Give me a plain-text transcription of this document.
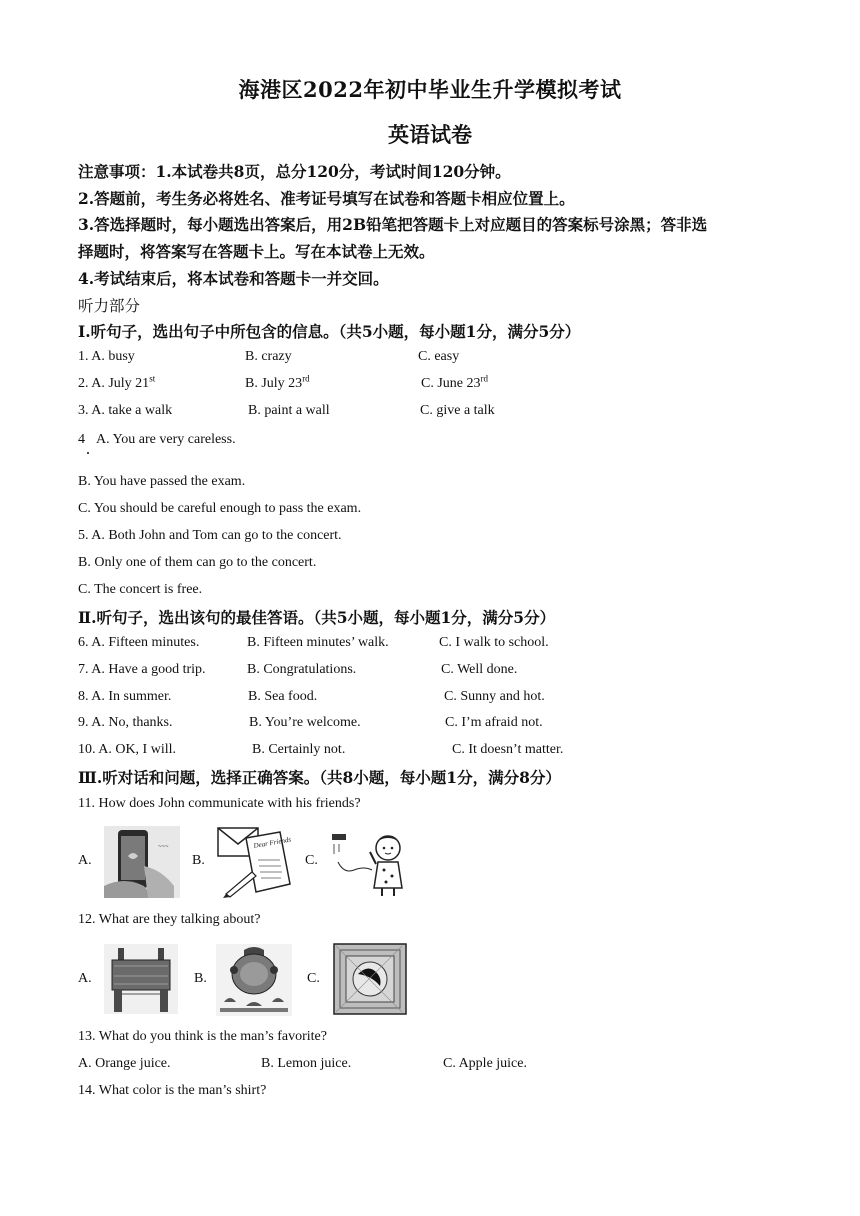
海港区2022年初中毕业生升学模拟考试
英语试卷
注意事项：1.本试卷共8页，总分120分，考试时间120分钟。
2.答题前，考生务必将姓名、准考证号填写在试卷和答题卡相应位置上。
3.答选择题时，每小题选出答案后，用2B铅笔把答题卡上对应题目的答案标号涂黑；答非选
择题时，将答案写在答题卡上。写在本试卷上无效。
4.考试结束后，将本试卷和答题卡一并交回。
听力部分
Ⅰ.听句子，选出句子中所包含的信息。（共5小题，每小题1分，满分5分）
1. A. busy	B. crazy	C. easy
2. A. July 21st	B. July 23rd	C. June 23rd
3. A. take a walk	B. paint a wall	C. give a talk
4 A. You are very careless.
B. You have passed the exam.
C. You should be careful enough to pass the exam.
5. A. Both John and Tom can go to the concert.
B. Only one of them can go to the concert.
C. The concert is free.
Ⅱ.听句子，选出该句的最佳答语。（共5小题，每小题1分，满分5分）
6. A. Fifteen minutes.	B. Fifteen minutes’ walk.	C. I walk to school.
7. A. Have a good trip.	B. Congratulations.	C. Well done.
8. A. In summer.	B. Sea food.	C. Sunny and hot.
9. A. No, thanks.	B. You’re welcome.	C. I’m afraid not.
10. A. OK, I will.	B. Certainly not.	C. It doesn’t matter.
Ⅲ.听对话和问题，选择正确答案。（共8小题，每小题1分，满分8分）
11. How does John communicate with his friends?
A.
~~~
B.
Dear Friends
C.
12. What are they talking about?
A.	B.	C.
13. What do you think is the man’s favorite?
A. Orange juice.	B. Lemon juice.	C. Apple juice.
14. What color is the man’s shirt?
